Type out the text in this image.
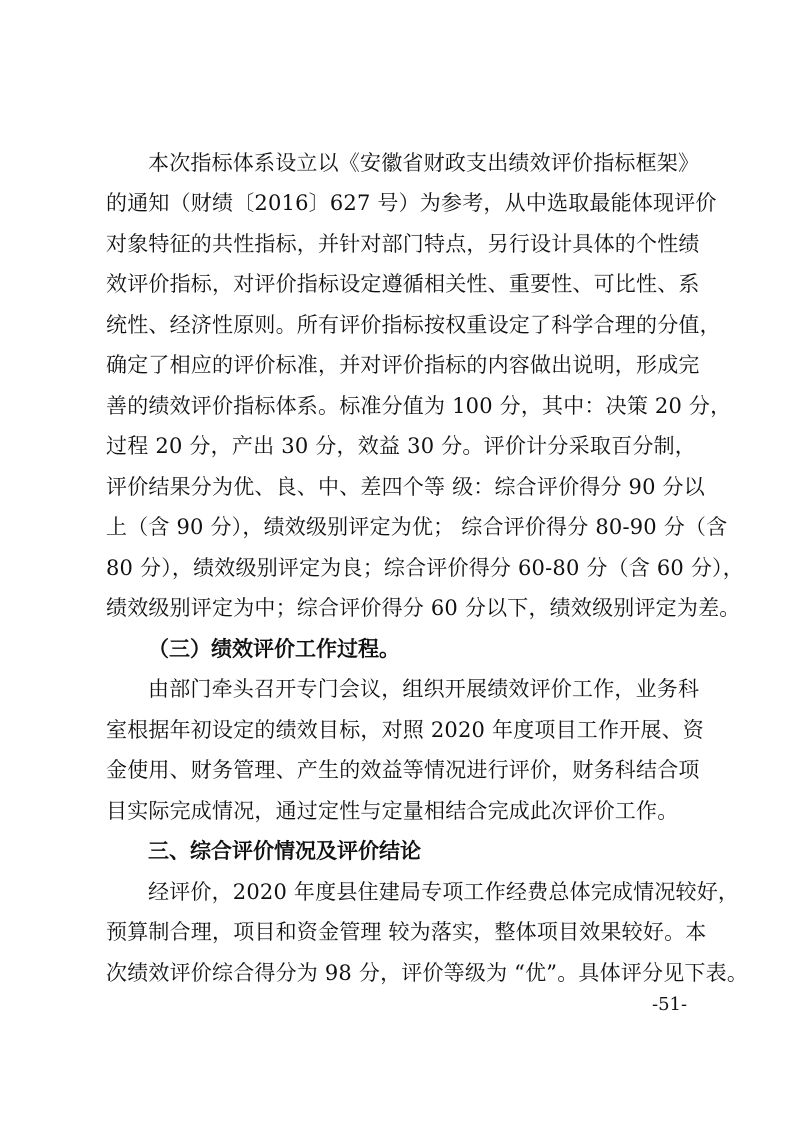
本次指标体系设立以《安徽省财政支出绩效评价指标框架》
的通知（财绩〔2016〕627 号）为参考，从中选取最能体现评价
对象特征的共性指标，并针对部门特点，另行设计具体的个性绩
效评价指标，对评价指标设定遵循相关性、重要性、可比性、系
统性、经济性原则。所有评价指标按权重设定了科学合理的分值，
确定了相应的评价标准，并对评价指标的内容做出说明，形成完
善的绩效评价指标体系。标准分值为 100 分，其中：决策 20 分，
过程 20 分，产出 30 分，效益 30 分。评价计分采取百分制，
评价结果分为优、良、中、差四个等 级：综合评价得分 90 分以
上（含 90 分），绩效级别评定为优； 综合评价得分 80-90 分（含
80 分），绩效级别评定为良；综合评价得分 60-80 分（含 60 分），
绩效级别评定为中；综合评价得分 60 分以下，绩效级别评定为差。
（三）绩效评价工作过程。
由部门牵头召开专门会议，组织开展绩效评价工作，业务科
室根据年初设定的绩效目标，对照 2020 年度项目工作开展、资
金使用、财务管理、产生的效益等情况进行评价，财务科结合项
目实际完成情况，通过定性与定量相结合完成此次评价工作。
三、综合评价情况及评价结论
经评价，2020 年度县住建局专项工作经费总体完成情况较好，
预算制合理，项目和资金管理 较为落实，整体项目效果较好。本
次绩效评价综合得分为 98 分，评价等级为 “优”。具体评分见下表。
-51-
